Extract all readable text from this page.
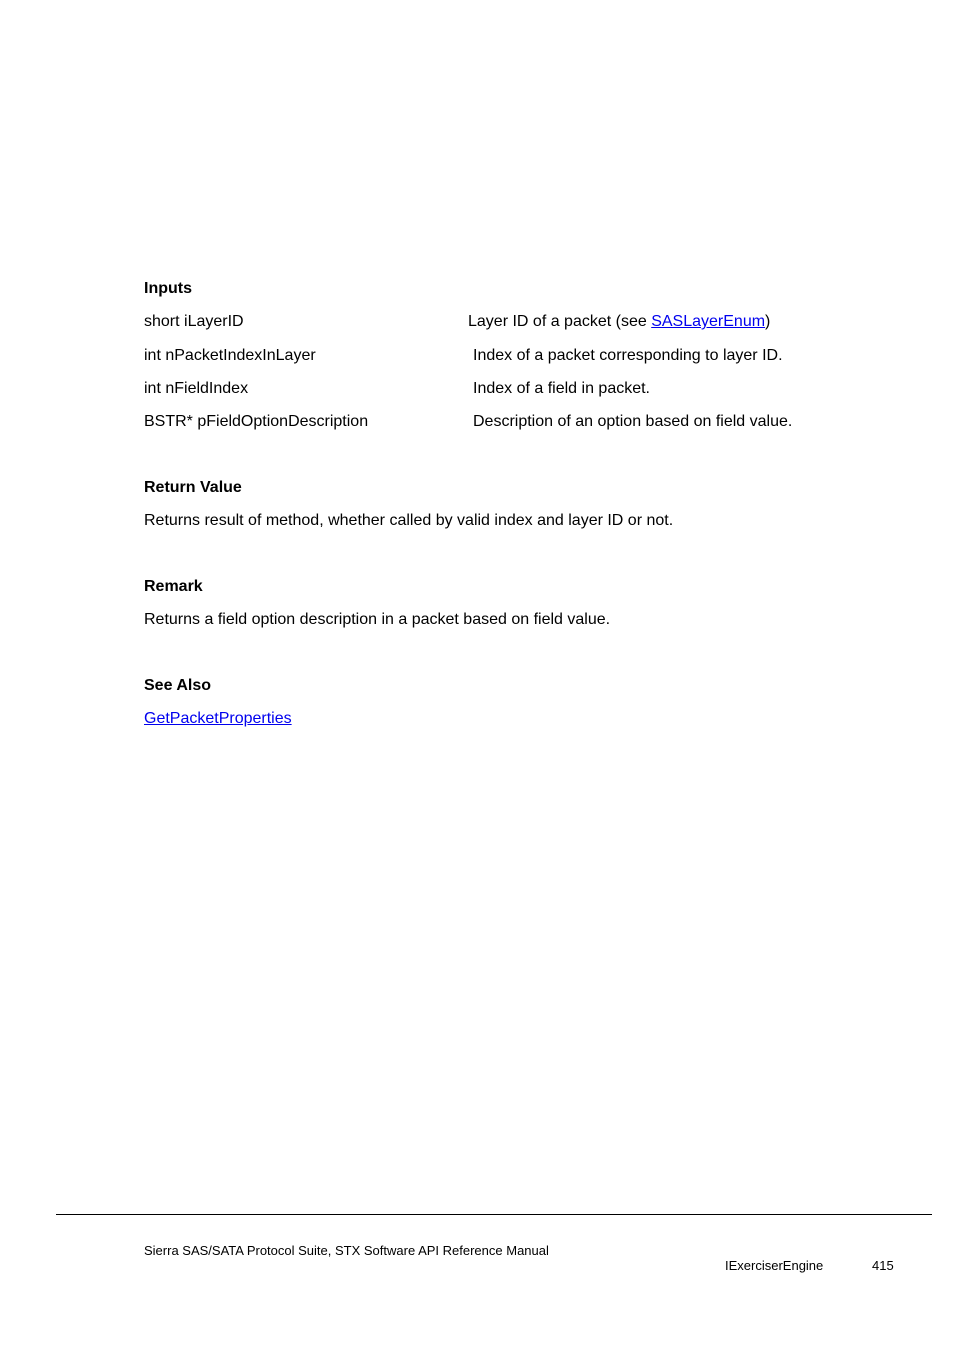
Inputs
short iLayerID	Layer ID of a packet (see SASLayerEnum)
int nPacketIndexInLayer	Index of a packet corresponding to layer ID.
int nFieldIndex	Index of a field in packet.
BSTR* pFieldOptionDescription	Description of an option based on field value.
Return Value
Returns result of method, whether called by valid index and layer ID or not.
Remark
Returns a field option description in a packet based on field value.
See Also
GetPacketProperties
Sierra SAS/SATA Protocol Suite, STX Software API Reference Manual
IExerciserEngine	415
